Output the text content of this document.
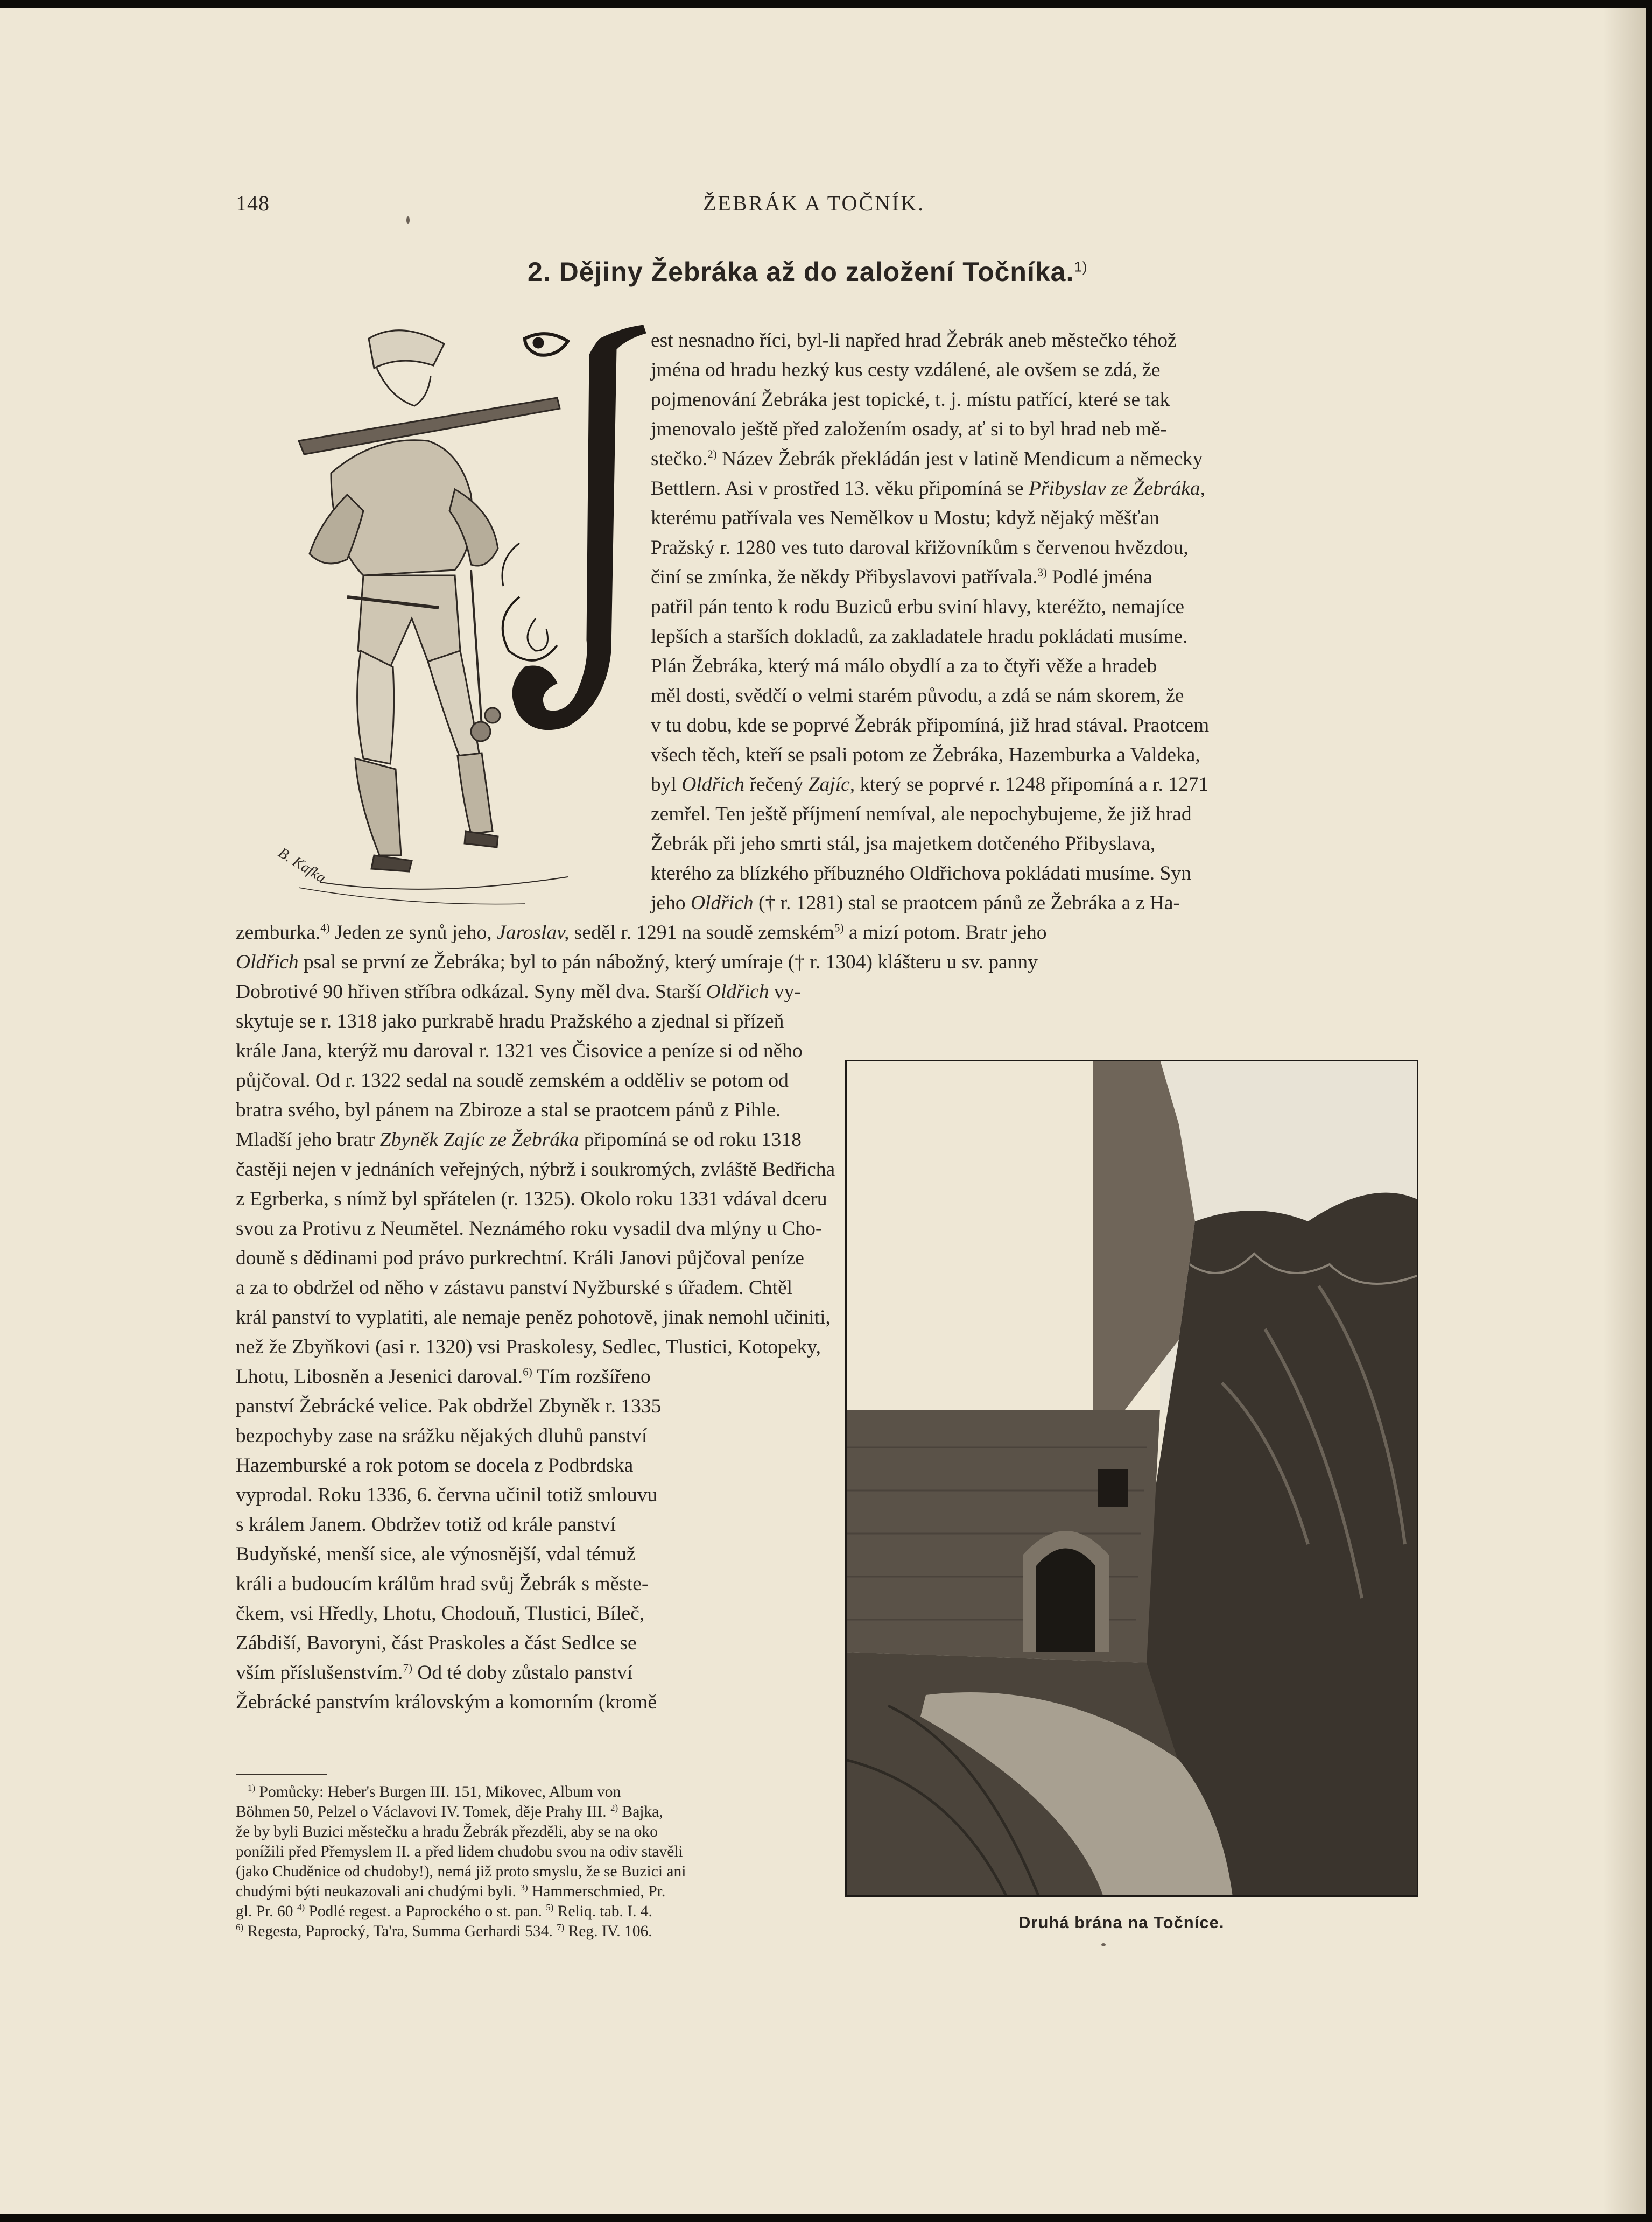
148	ŽEBRÁK A TOČNÍK.
2. Dějiny Žebráka až do založení Točníka.$^{1)}$
B. Kafka
est nesnadno říci, byl-li napřed hrad Žebrák aneb městečko téhož
jména od hradu hezký kus cesty vzdálené, ale ovšem se zdá, že
pojmenování Žebráka jest topické, t. j. místu patřící, které se tak
jmenovalo ještě před založením osady, ať si to byl hrad neb mě-
stečko.$^{2)}$ Název Žebrák překládán jest v latině Mendicum a německy
Bettlern. Asi v prostřed 13. věku připomíná se Přibyslav ze Žebráka,
kterému patřívala ves Nemělkov u Mostu; když nějaký měšťan
Pražský r. 1280 ves tuto daroval křižovníkům s červenou hvězdou,
činí se zmínka, že někdy Přibyslavovi patřívala.$^{3)}$ Podlé jména
patřil pán tento k rodu Buziců erbu sviní hlavy, kteréžto, nemajíce
lepších a starších dokladů, za zakladatele hradu pokládati musíme.
Plán Žebráka, který má málo obydlí a za to čtyři věže a hradeb
měl dosti, svědčí o velmi starém původu, a zdá se nám skorem, že
v tu dobu, kde se poprvé Žebrák připomíná, již hrad stával. Praotcem
všech těch, kteří se psali potom ze Žebráka, Hazemburka a Valdeka,
byl Oldřich řečený Zajíc, který se poprvé r. 1248 připomíná a r. 1271
zemřel. Ten ještě příjmení nemíval, ale nepochybujeme, že již hrad
Žebrák při jeho smrti stál, jsa majetkem dotčeného Přibyslava,
kterého za blízkého příbuzného Oldřichova pokládati musíme. Syn
jeho Oldřich († r. 1281) stal se praotcem pánů ze Žebráka a z Ha-
zemburka.$^{4)}$ Jeden ze synů jeho, Jaroslav, seděl r. 1291 na soudě zemském$^{5)}$ a mizí potom. Bratr jeho
Oldřich psal se první ze Žebráka; byl to pán nábožný, který umíraje († r. 1304) klášteru u sv. panny
Dobrotivé 90 hřiven stříbra odkázal. Syny měl dva. Starší Oldřich vy-
skytuje se r. 1318 jako purkrabě hradu Pražského a zjednal si přízeň
krále Jana, kterýž mu daroval r. 1321 ves Čisovice a peníze si od něho
půjčoval. Od r. 1322 sedal na soudě zemském a odděliv se potom od
bratra svého, byl pánem na Zbiroze a stal se praotcem pánů z Pihle.
Mladší jeho bratr Zbyněk Zajíc ze Žebráka připomíná se od roku 1318
častěji nejen v jednáních veřejných, nýbrž i soukromých, zvláště Bedřicha
z Egrberka, s nímž byl spřátelen (r. 1325). Okolo roku 1331 vdával dceru
svou za Protivu z Neumětel. Neznámého roku vysadil dva mlýny u Cho-
douně s dědinami pod právo purkrechtní. Králi Janovi půjčoval peníze
a za to obdržel od něho v zástavu panství Nyžburské s úřadem. Chtěl
král panství to vyplatiti, ale nemaje peněz pohotově, jinak nemohl učiniti,
než že Zbyňkovi (asi r. 1320) vsi Praskolesy, Sedlec, Tlustici, Kotopeky,
Lhotu, Libosněn a Jesenici daroval.$^{6)}$ Tím rozšířeno
panství Žebrácké velice. Pak obdržel Zbyněk r. 1335
bezpochyby zase na srážku nějakých dluhů panství
Hazemburské a rok potom se docela z Podbrdska
vyprodal. Roku 1336, 6. června učinil totiž smlouvu
s králem Janem. Obdržev totiž od krále panství
Budyňské, menší sice, ale výnosnější, vdal témuž
králi a budoucím králům hrad svůj Žebrák s měste-
čkem, vsi Hředly, Lhotu, Chodouň, Tlustici, Bíleč,
Zábdiší, Bavoryni, část Praskoles a část Sedlce se
vším příslušenstvím.$^{7)}$ Od té doby zůstalo panství
Žebrácké panstvím královským a komorním (kromě
$^{1)}$ Pomůcky: Heber's Burgen III. 151, Mikovec, Album von
Böhmen 50, Pelzel o Václavovi IV. Tomek, děje Prahy III. $^{2)}$ Bajka,
že by byli Buzici městečku a hradu Žebrák přezděli, aby se na oko
ponížili před Přemyslem II. a před lidem chudobu svou na odiv stavěli
(jako Chuděnice od chudoby!), nemá již proto smyslu, že se Buzici ani
chudými býti neukazovali ani chudými byli. $^{3)}$ Hammerschmied, Pr.
gl. Pr. 60 $^{4)}$ Podlé regest. a Paprockého o st. pan. $^{5)}$ Reliq. tab. I. 4.
$^{6)}$ Regesta, Paprocký, Ta'ra, Summa Gerhardi 534. $^{7)}$ Reg. IV. 106.	Druhá brána na Točníce.
